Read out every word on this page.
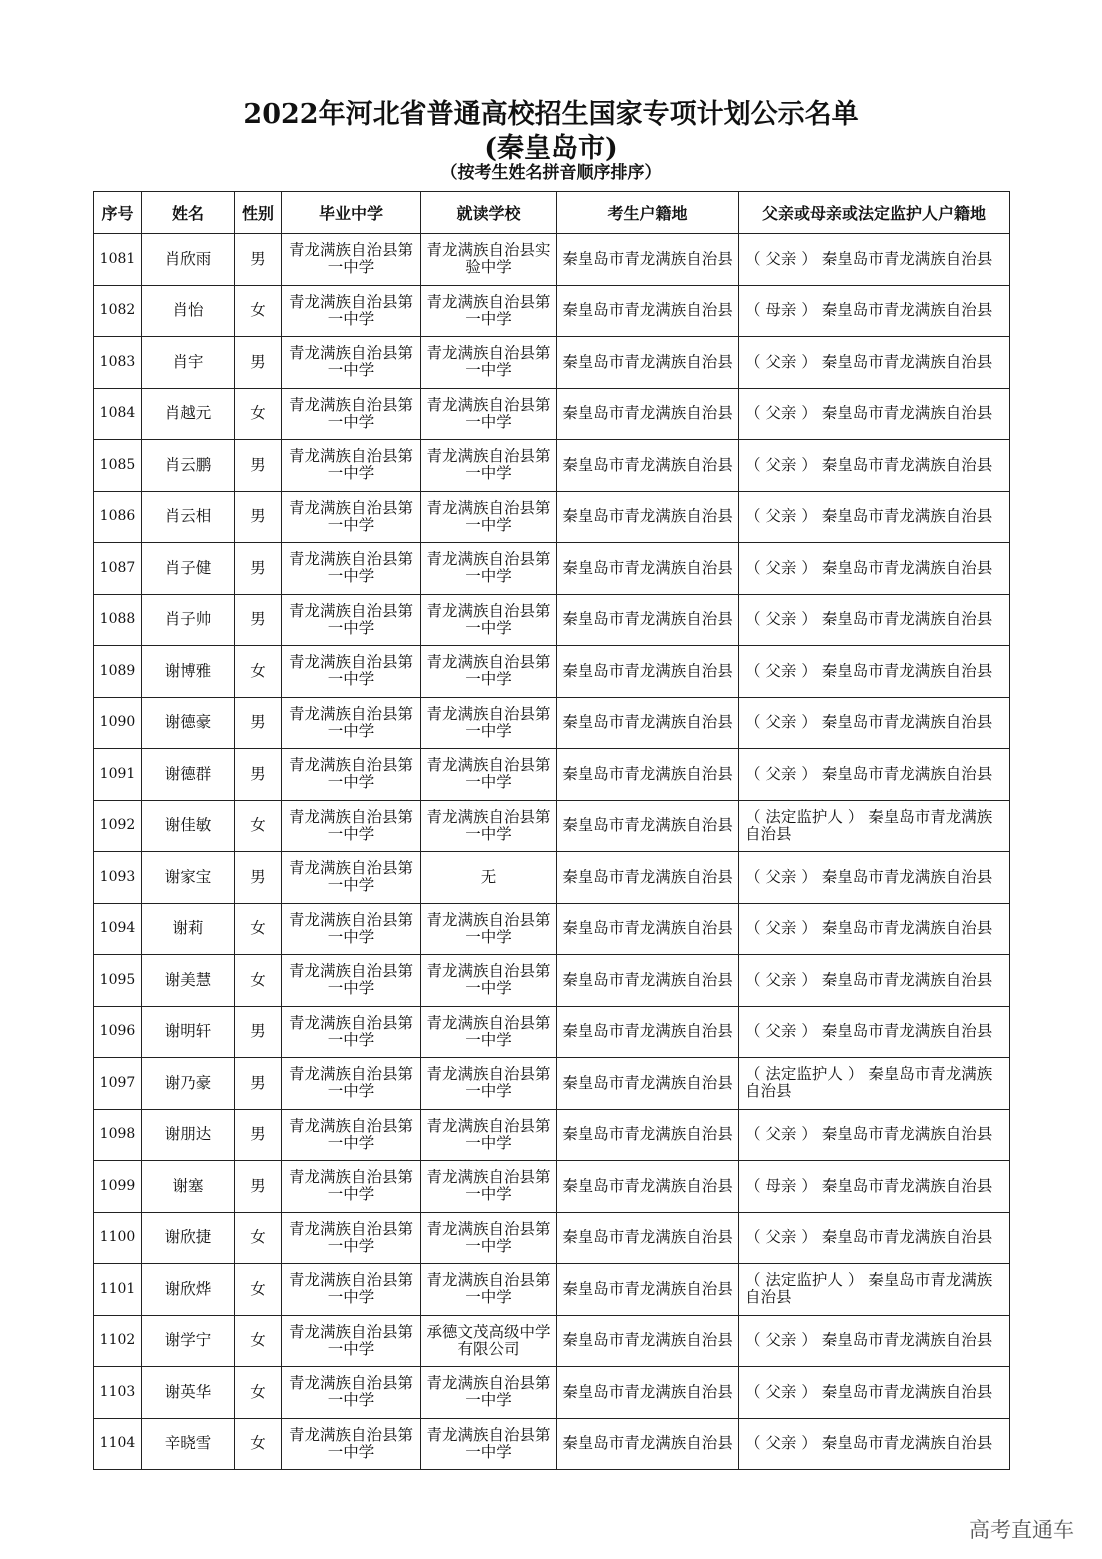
2022年河北省普通高校招生国家专项计划公示名单
(秦皇岛市)
（按考生姓名拼音顺序排序）
序号	姓名	性别	毕业中学	就读学校	考生户籍地	父亲或母亲或法定监护人户籍地
1081	肖欣雨	男	青龙满族自治县第一中学	青龙满族自治县实验中学	秦皇岛市青龙满族自治县	（ 父亲 ） 秦皇岛市青龙满族自治县
1082	肖怡	女	青龙满族自治县第一中学	青龙满族自治县第一中学	秦皇岛市青龙满族自治县	（ 母亲 ） 秦皇岛市青龙满族自治县
1083	肖宇	男	青龙满族自治县第一中学	青龙满族自治县第一中学	秦皇岛市青龙满族自治县	（ 父亲 ） 秦皇岛市青龙满族自治县
1084	肖越元	女	青龙满族自治县第一中学	青龙满族自治县第一中学	秦皇岛市青龙满族自治县	（ 父亲 ） 秦皇岛市青龙满族自治县
1085	肖云鹏	男	青龙满族自治县第一中学	青龙满族自治县第一中学	秦皇岛市青龙满族自治县	（ 父亲 ） 秦皇岛市青龙满族自治县
1086	肖云相	男	青龙满族自治县第一中学	青龙满族自治县第一中学	秦皇岛市青龙满族自治县	（ 父亲 ） 秦皇岛市青龙满族自治县
1087	肖子健	男	青龙满族自治县第一中学	青龙满族自治县第一中学	秦皇岛市青龙满族自治县	（ 父亲 ） 秦皇岛市青龙满族自治县
1088	肖子帅	男	青龙满族自治县第一中学	青龙满族自治县第一中学	秦皇岛市青龙满族自治县	（ 父亲 ） 秦皇岛市青龙满族自治县
1089	谢博雅	女	青龙满族自治县第一中学	青龙满族自治县第一中学	秦皇岛市青龙满族自治县	（ 父亲 ） 秦皇岛市青龙满族自治县
1090	谢德豪	男	青龙满族自治县第一中学	青龙满族自治县第一中学	秦皇岛市青龙满族自治县	（ 父亲 ） 秦皇岛市青龙满族自治县
1091	谢德群	男	青龙满族自治县第一中学	青龙满族自治县第一中学	秦皇岛市青龙满族自治县	（ 父亲 ） 秦皇岛市青龙满族自治县
1092	谢佳敏	女	青龙满族自治县第一中学	青龙满族自治县第一中学	秦皇岛市青龙满族自治县	（ 法定监护人 ） 秦皇岛市青龙满族自治县
1093	谢家宝	男	青龙满族自治县第一中学	无	秦皇岛市青龙满族自治县	（ 父亲 ） 秦皇岛市青龙满族自治县
1094	谢莉	女	青龙满族自治县第一中学	青龙满族自治县第一中学	秦皇岛市青龙满族自治县	（ 父亲 ） 秦皇岛市青龙满族自治县
1095	谢美慧	女	青龙满族自治县第一中学	青龙满族自治县第一中学	秦皇岛市青龙满族自治县	（ 父亲 ） 秦皇岛市青龙满族自治县
1096	谢明轩	男	青龙满族自治县第一中学	青龙满族自治县第一中学	秦皇岛市青龙满族自治县	（ 父亲 ） 秦皇岛市青龙满族自治县
1097	谢乃豪	男	青龙满族自治县第一中学	青龙满族自治县第一中学	秦皇岛市青龙满族自治县	（ 法定监护人 ） 秦皇岛市青龙满族自治县
1098	谢朋达	男	青龙满族自治县第一中学	青龙满族自治县第一中学	秦皇岛市青龙满族自治县	（ 父亲 ） 秦皇岛市青龙满族自治县
1099	谢塞	男	青龙满族自治县第一中学	青龙满族自治县第一中学	秦皇岛市青龙满族自治县	（ 母亲 ） 秦皇岛市青龙满族自治县
1100	谢欣捷	女	青龙满族自治县第一中学	青龙满族自治县第一中学	秦皇岛市青龙满族自治县	（ 父亲 ） 秦皇岛市青龙满族自治县
1101	谢欣烨	女	青龙满族自治县第一中学	青龙满族自治县第一中学	秦皇岛市青龙满族自治县	（ 法定监护人 ） 秦皇岛市青龙满族自治县
1102	谢学宁	女	青龙满族自治县第一中学	承德文茂高级中学有限公司	秦皇岛市青龙满族自治县	（ 父亲 ） 秦皇岛市青龙满族自治县
1103	谢英华	女	青龙满族自治县第一中学	青龙满族自治县第一中学	秦皇岛市青龙满族自治县	（ 父亲 ） 秦皇岛市青龙满族自治县
1104	辛晓雪	女	青龙满族自治县第一中学	青龙满族自治县第一中学	秦皇岛市青龙满族自治县	（ 父亲 ） 秦皇岛市青龙满族自治县
高考直通车
